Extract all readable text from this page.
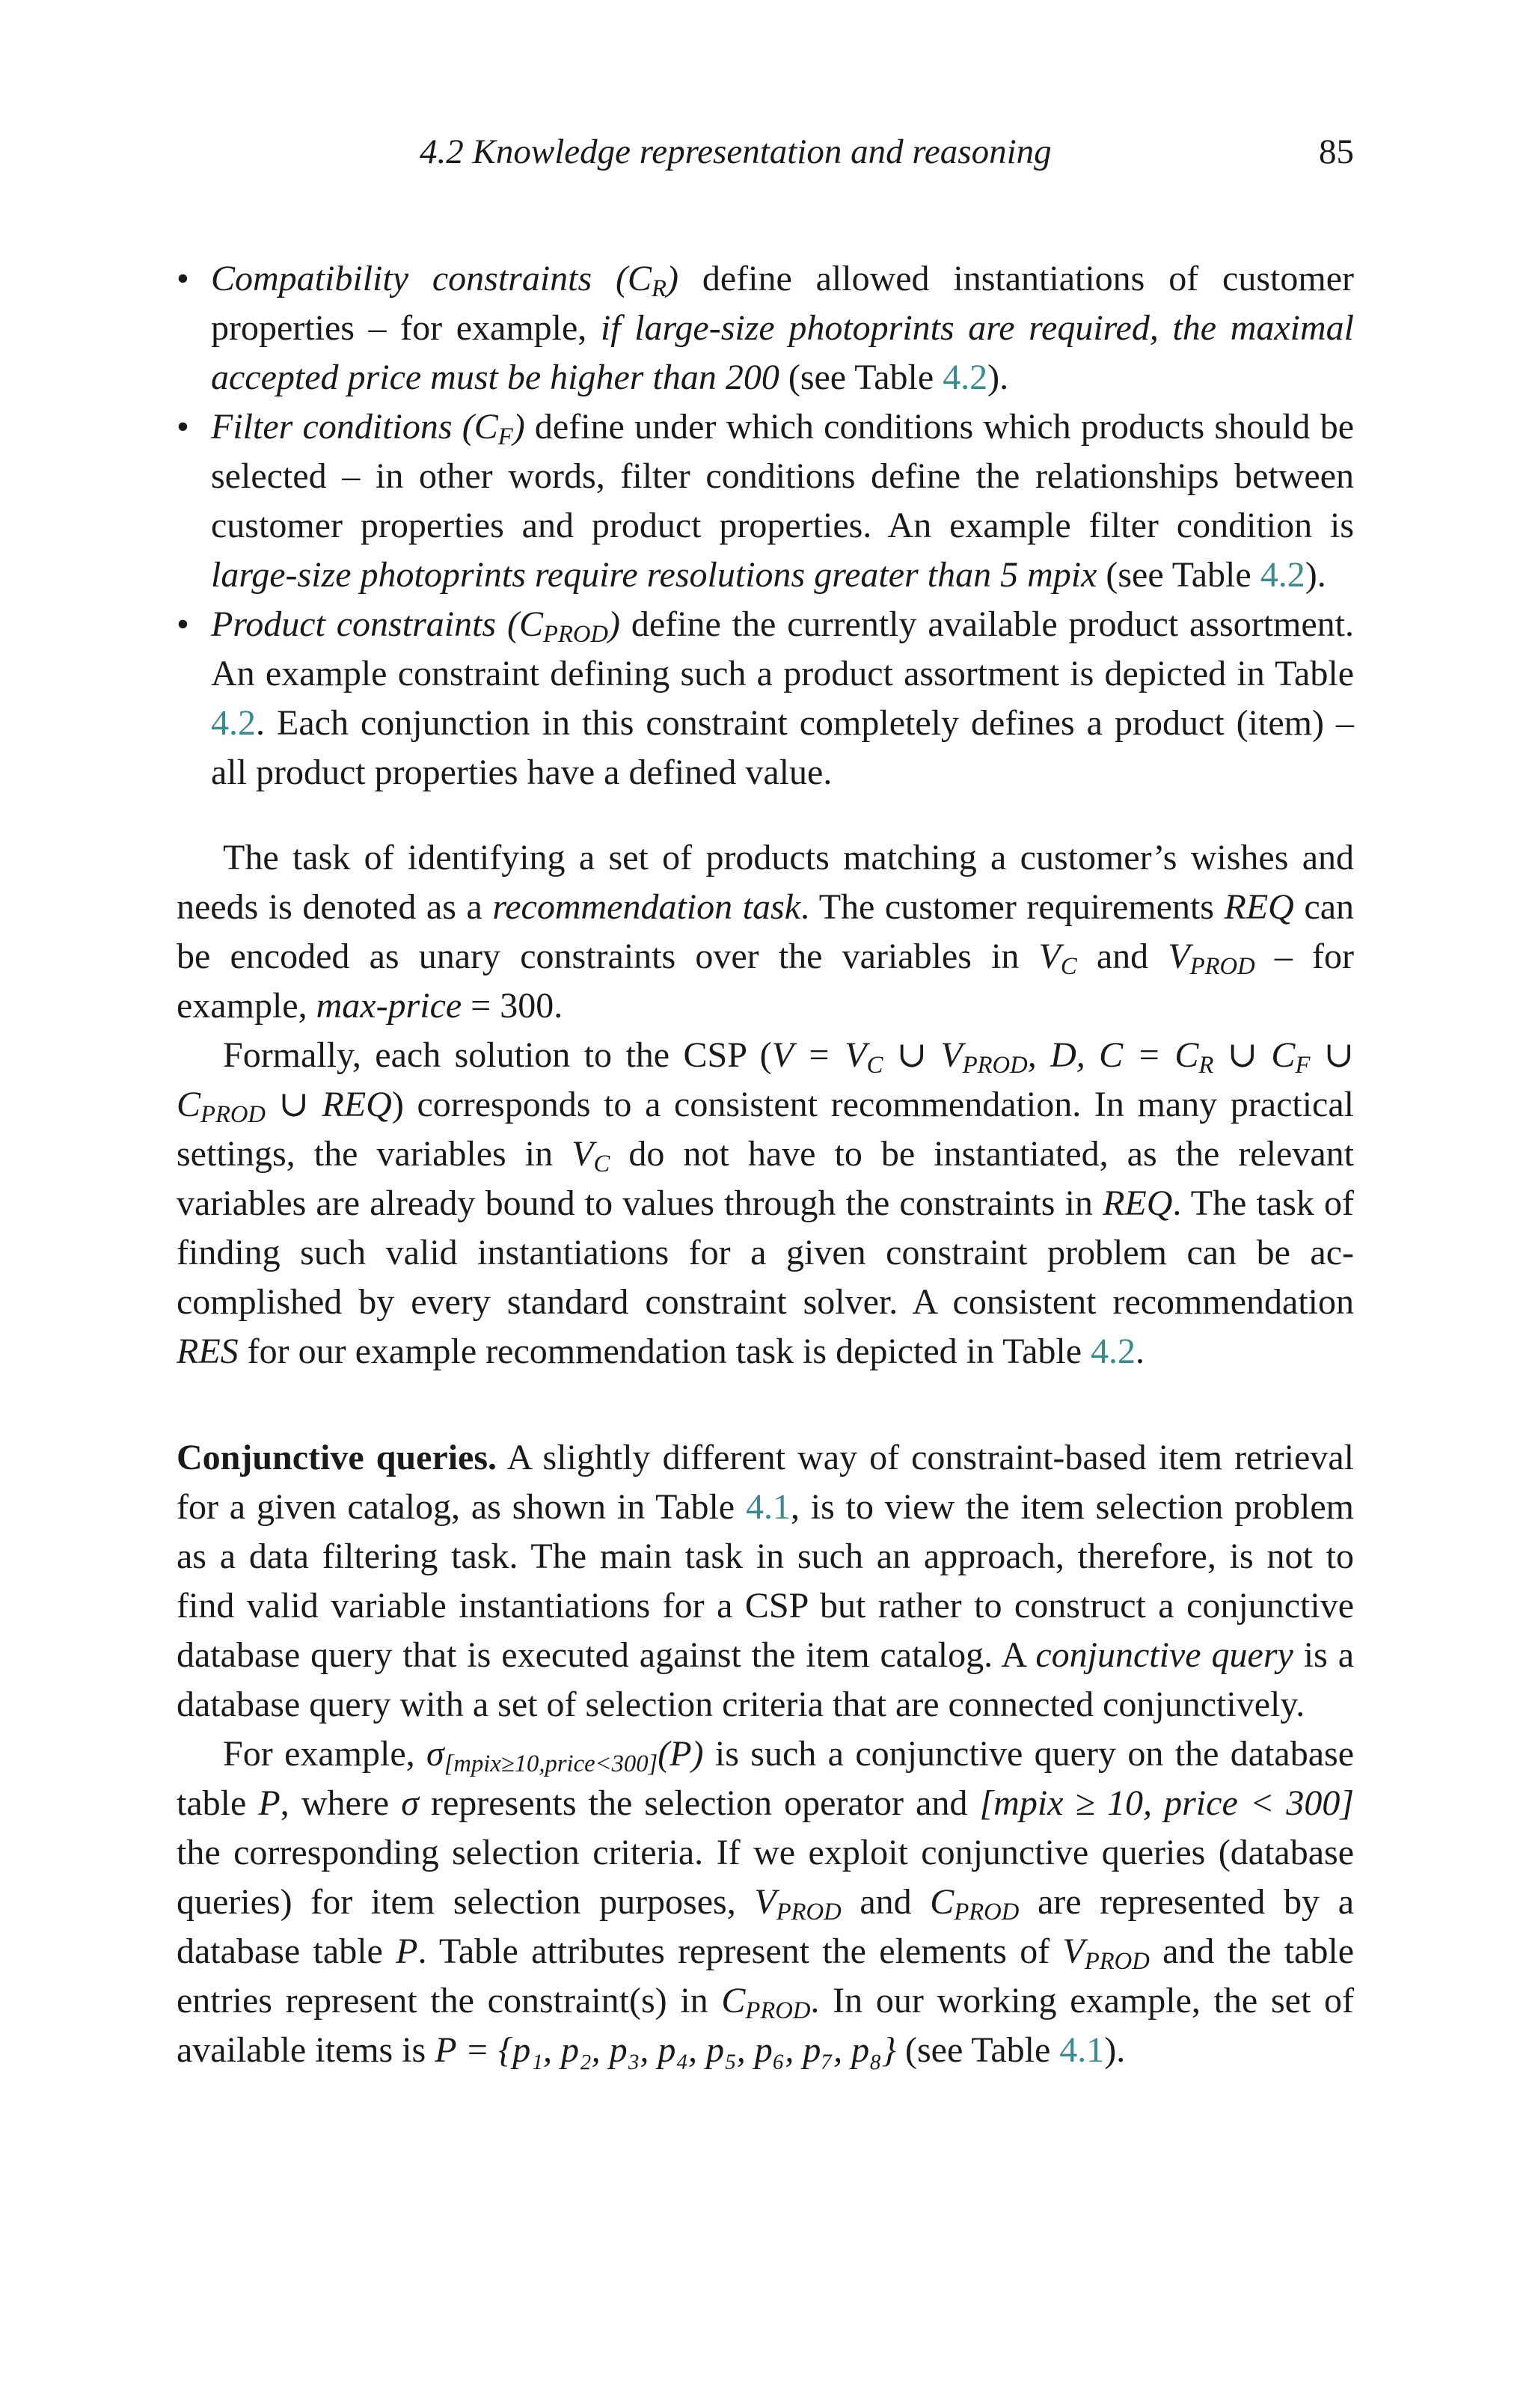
4.2 Knowledge representation and reasoning	85
• Compatibility constraints $(C_R)$ define allowed instantiations of customer properties – for example, if large-size photoprints are required, the maximal accepted price must be higher than 200 (see Table 4.2).
• Filter conditions $(C_F)$ define under which conditions which products should be selected – in other words, filter conditions define the relationships between customer properties and product properties. An example filter condition is large-size photoprints require resolutions greater than 5 mpix (see Table 4.2).
• Product constraints $(C_{PROD})$ define the currently available product assortment. An example constraint defining such a product assortment is depicted in Table 4.2. Each conjunction in this constraint completely defines a product (item) – all product properties have a defined value.

The task of identifying a set of products matching a customer’s wishes and needs is denoted as a recommendation task. The customer requirements REQ can be encoded as unary constraints over the variables in $V_C$ and $V_{PROD}$ – for example, max-price = 300.

Formally, each solution to the CSP ($V = V_C$ ∪ $V_{PROD}$, D, $C = C_R$ ∪ $C_F$ ∪ $C_{PROD}$ ∪ REQ) corresponds to a consistent recommendation. In many practical settings, the variables in $V_C$ do not have to be instantiated, as the relevant variables are already bound to values through the constraints in REQ. The task of finding such valid instantiations for a given constraint problem can be accomplished by every standard constraint solver. A consistent recommendation RES for our example recommendation task is depicted in Table 4.2.

Conjunctive queries. A slightly different way of constraint-based item retrieval for a given catalog, as shown in Table 4.1, is to view the item selection problem as a data filtering task. The main task in such an approach, therefore, is not to find valid variable instantiations for a CSP but rather to construct a conjunctive database query that is executed against the item catalog. A conjunctive query is a database query with a set of selection criteria that are connected conjunctively.

For example, $\sigma_{[mpix\ge 10,price<300]}(P)$ is such a conjunctive query on the database table P, where σ represents the selection operator and [mpix ≥ 10, price < 300] the corresponding selection criteria. If we exploit conjunctive queries (database queries) for item selection purposes, $V_{PROD}$ and $C_{PROD}$ are represented by a database table P. Table attributes represent the elements of $V_{PROD}$ and the table entries represent the constraint(s) in $C_{PROD}$. In our working example, the set of available items is P = {p₁, p₂, p₃, p₄, p₅, p₆, p₇, p₈} (see Table 4.1).
